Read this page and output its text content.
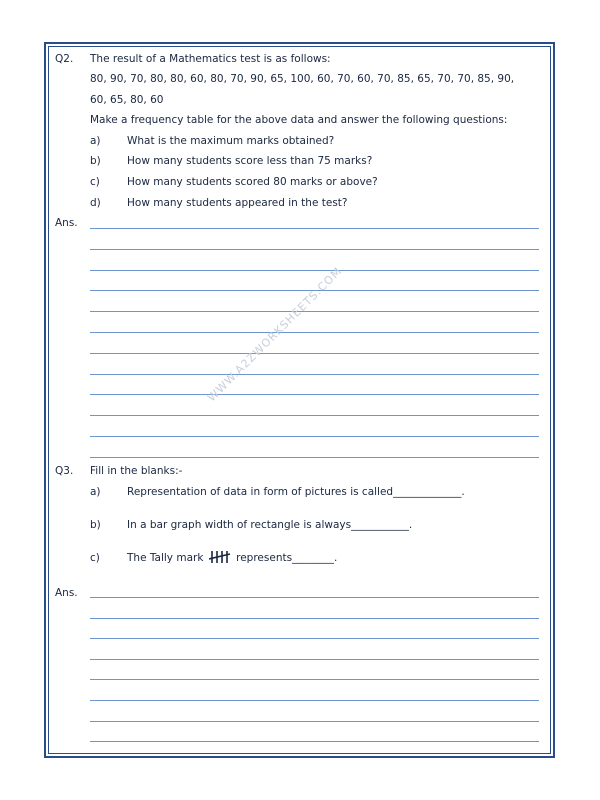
Q2. The result of a Mathematics test is as follows:
80, 90, 70, 80, 80, 60, 80, 70, 90, 65, 100, 60, 70, 60, 70, 85, 65, 70, 70, 85, 90,
60, 65, 80, 60
Make a frequency table for the above data and answer the following questions:
a)	What is the maximum marks obtained?
b) How many students score less than 75 marks?
c)	How many students scored 80 marks or above?
d) How many students appeared in the test?
Ans.
Q3. Fill in the blanks:-
a)	Representation of data in form of pictures is called_____________.
b) In a bar graph width of rectangle is always___________.
c)	The Tally mark	represents________.
Ans.
WWW.A2ZWORKSHEETS.COM
